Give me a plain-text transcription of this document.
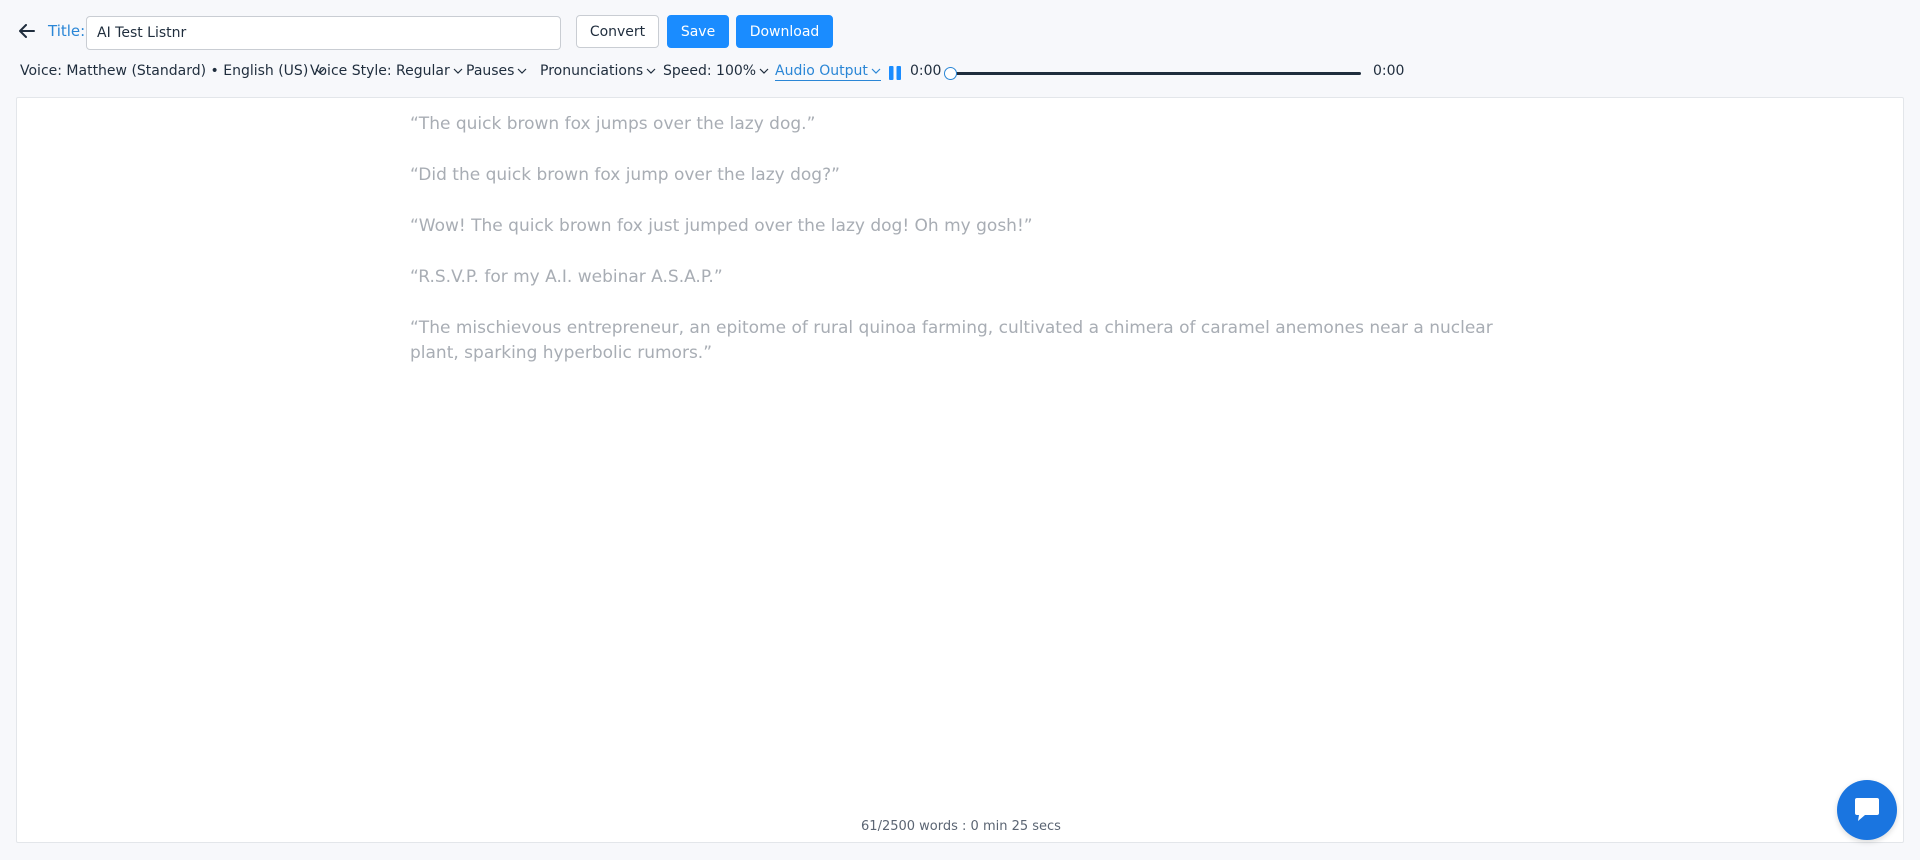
Title:
AI Test Listnr	Convert	Save	Download
Voice: Matthew (Standard) • English (US) Voice Style: Regular Pauses Pronunciations Speed: 100% Audio Output	0:00	0:00

“The quick brown fox jumps over the lazy dog.”

“Did the quick brown fox jump over the lazy dog?”

“Wow! The quick brown fox just jumped over the lazy dog! Oh my gosh!”

“R.S.V.P. for my A.I. webinar A.S.A.P.”

“The mischievous entrepreneur, an epitome of rural quinoa farming, cultivated a chimera of caramel anemones near a nuclear plant, sparking hyperbolic rumors.”

61/2500 words : 0 min 25 secs
